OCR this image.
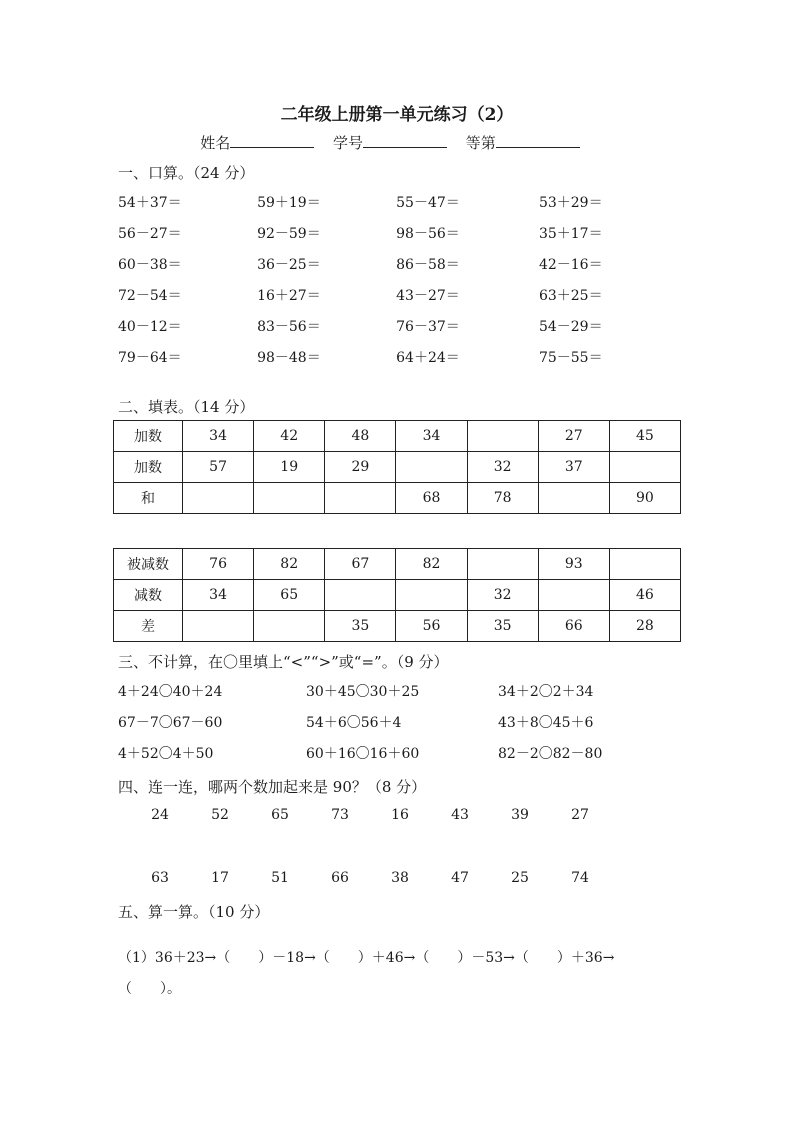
二年级上册第一单元练习（2）
姓名	学号	等第
一、口算。（24 分）
54＋37＝	59＋19＝	55－47＝	53＋29＝
56－27＝	92－59＝	98－56＝	35＋17＝
60－38＝	36－25＝	86－58＝	42－16＝
72－54＝	16＋27＝	43－27＝	63＋25＝
40－12＝	83－56＝	76－37＝	54－29＝
79－64＝	98－48＝	64＋24＝	75－55＝
二、填表。（14 分）
加数	34	42	48	34		27	45
加数	57	19	29		32	37	
和				68	78		90
被减数	76	82	67	82		93	
减数	34	65			32		46
差			35	56	35	66	28
三、不计算，在〇里填上“<”“>”或“=”。（9 分）
4＋24〇40＋24	30＋45〇30＋25	34＋2〇2＋34
67－7〇67－60	54＋6〇56＋4	43＋8〇45＋6
4＋52〇4＋50	60＋16〇16＋60	82－2〇82－80
四、连一连，哪两个数加起来是 90？（8 分）
24	52	65	73	16	43	39	27
63	17	51	66	38	47	25	74
五、算一算。（10 分）
（1）36＋23→（　　）－18→（　　）＋46→（　　）－53→（　　）＋36→
（　　）。
